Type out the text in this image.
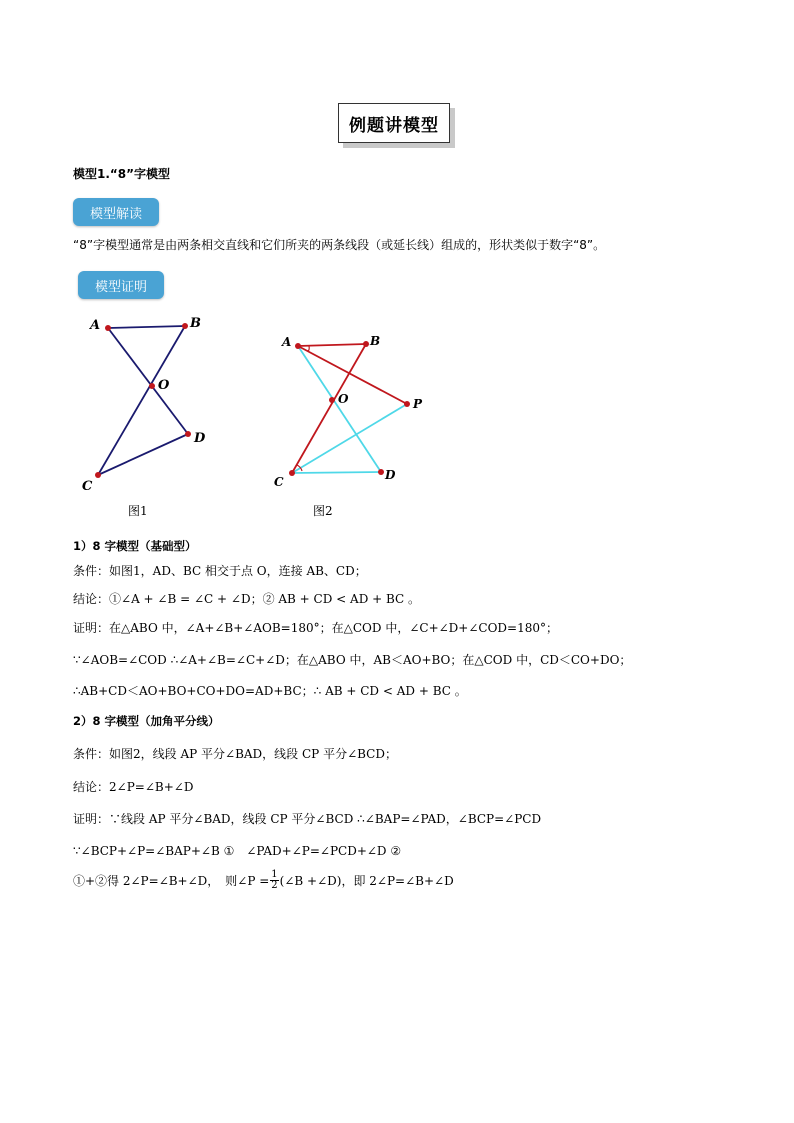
例题讲模型
模型1.“8”字模型
模型解读
“8”字模型通常是由两条相交直线和它们所夹的两条线段（或延长线）组成的，形状类似于数字“8”。
模型证明
A	B
O
C
D
图1
A	B
O	P
C	D
图2
1）8 字模型（基础型）
条件：如图1，AD、BC 相交于点 O，连接 AB、CD；
结论：①∠A + ∠B = ∠C + ∠D；② AB + CD < AD + BC 。
证明：在△ABO 中，∠A+∠B+∠AOB=180°；在△COD 中，∠C+∠D+∠COD=180°；
∵∠AOB=∠COD ∴∠A+∠B=∠C+∠D；在△ABO 中，AB＜AO+BO；在△COD 中，CD＜CO+DO；
∴AB+CD＜AO+BO+CO+DO=AD+BC；∴ AB + CD < AD + BC 。
2）8 字模型（加角平分线）
条件：如图2，线段 AP 平分∠BAD，线段 CP 平分∠BCD；
结论：2∠P=∠B+∠D
证明：∵线段 AP 平分∠BAD，线段 CP 平分∠BCD ∴∠BAP=∠PAD，∠BCP=∠PCD
∵∠BCP+∠P=∠BAP+∠B ①　∠PAD+∠P=∠PCD+∠D ②
①+②得 2∠P=∠B+∠D，　则∠P = $\frac{1}{2}$ (∠B +∠D)，即 2∠P=∠B+∠D
